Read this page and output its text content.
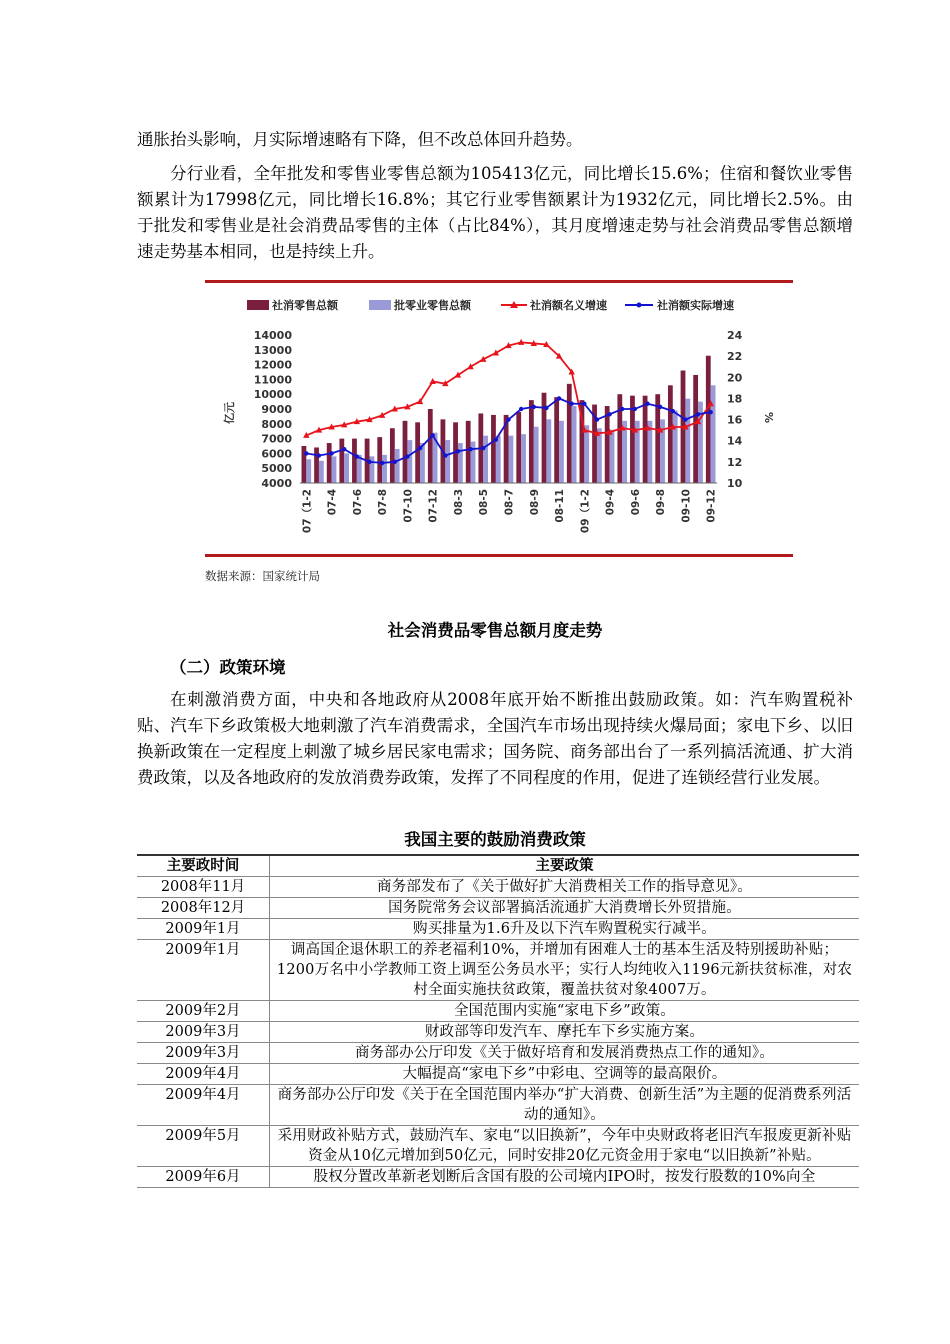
通胀抬头影响，月实际增速略有下降，但不改总体回升趋势。

分行业看，全年批发和零售业零售总额为105413亿元，同比增长15.6%；住宿和餐饮业零售额累计为17998亿元，同比增长16.8%；其它行业零售额累计为1932亿元，同比增长2.5%。由于批发和零售业是社会消费品零售的主体（占比84%），其月度增速走势与社会消费品零售总额增速走势基本相同，也是持续上升。

社消零售总额	批零业零售总额	社消额名义增速	社消额实际增速
亿元	%
14000
13000
12000
11000
10000
9000
8000
7000
6000
5000
4000
24
22
20
18
16
14
12
10
07（1-2 07-4 07-6 07-8 07-10 07-12 08-3 08-5 08-7 08-9 08-11 09（1-2 09-4 09-6 09-8 09-10 09-12
数据来源：国家统计局
社会消费品零售总额月度走势
（二）政策环境

在刺激消费方面，中央和各地政府从2008年底开始不断推出鼓励政策。如：汽车购置税补贴、汽车下乡政策极大地刺激了汽车消费需求，全国汽车市场出现持续火爆局面；家电下乡、以旧换新政策在一定程度上刺激了城乡居民家电需求；国务院、商务部出台了一系列搞活流通、扩大消费政策，以及各地政府的发放消费券政策，发挥了不同程度的作用，促进了连锁经营行业发展。

我国主要的鼓励消费政策
主要政时间	主要政策
2008年11月	商务部发布了《关于做好扩大消费相关工作的指导意见》。
2008年12月	国务院常务会议部署搞活流通扩大消费增长外贸措施。
2009年1月	购买排量为1.6升及以下汽车购置税实行减半。
2009年1月	调高国企退休职工的养老福利10%，并增加有困难人士的基本生活及特别援助补贴；1200万名中小学教师工资上调至公务员水平；实行人均纯收入1196元新扶贫标准，对农村全面实施扶贫政策，覆盖扶贫对象4007万。
2009年2月	全国范围内实施“家电下乡”政策。
2009年3月	财政部等印发汽车、摩托车下乡实施方案。
2009年3月	商务部办公厅印发《关于做好培育和发展消费热点工作的通知》。
2009年4月	大幅提高“家电下乡”中彩电、空调等的最高限价。
2009年4月	商务部办公厅印发《关于在全国范围内举办“扩大消费、创新生活”为主题的促消费系列活动的通知》。
2009年5月	采用财政补贴方式，鼓励汽车、家电“以旧换新”，今年中央财政将老旧汽车报废更新补贴资金从10亿元增加到50亿元，同时安排20亿元资金用于家电“以旧换新”补贴。
2009年6月	股权分置改革新老划断后含国有股的公司境内IPO时，按发行股数的10%向全
